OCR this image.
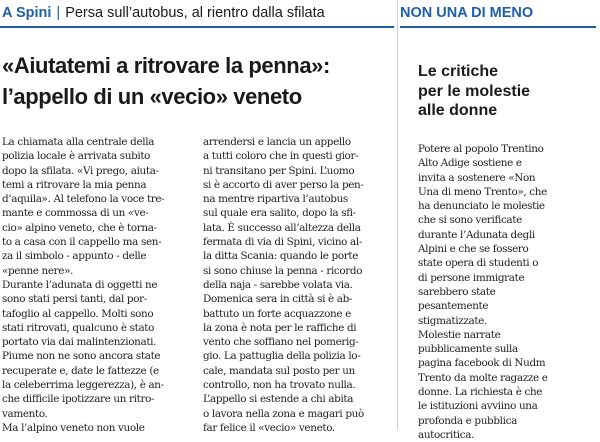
A Spini | Persa sull’autobus, al rientro dalla sfilata
«Aiutatemi a ritrovare la penna»:
l’appello di un «vecio» veneto

La chiamata alla centrale della
polizia locale è arrivata subito
dopo la sfilata. «Vi prego, aiuta-
temi a ritrovare la mia penna
d’aquila». Al telefono la voce tre-
mante e commossa di un «ve-
cio» alpino veneto, che è torna-
to a casa con il cappello ma sen-
za il simbolo - appunto - delle
«penne nere».
Durante l’adunata di oggetti ne
sono stati persi tanti, dal por-
tafoglio al cappello. Molti sono
stati ritrovati, qualcuno è stato
portato via dai malintenzionati.
Piume non ne sono ancora state
recuperate e, date le fattezze (e
la celeberrima leggerezza), è an-
che difficile ipotizzare un ritro-
vamento.
Ma l’alpino veneto non vuole

arrendersi e lancia un appello
a tutti coloro che in questi gior-
ni transitano per Spini. L’uomo
si è accorto di aver perso la pen-
na mentre ripartiva l’autobus
sul quale era salito, dopo la sfi-
lata. È successo all’altezza della
fermata di via di Spini, vicino al-
la ditta Scania: quando le porte
si sono chiuse la penna - ricordo
della naja - sarebbe volata via.
Domenica sera in città si è ab-
battuto un forte acquazzone e
la zona è nota per le raffiche di
vento che soffiano nel pomerig-
gio. La pattuglia della polizia lo-
cale, mandata sul posto per un
controllo, non ha trovato nulla.
L’appello si estende a chi abita
o lavora nella zona e magari può
far felice il «vecio» veneto.

NON UNA DI MENO
Le critiche
per le molestie
alle donne

Potere al popolo Trentino
Alto Adige sostiene e
invita a sostenere «Non
Una di meno Trento», che
ha denunciato le molestie
che si sono verificate
durante l’Adunata degli
Alpini e che se fossero
state opera di studenti o
di persone immigrate
sarebbero state
pesantemente
stigmatizzate.
Molestie narrate
pubblicamente sulla
pagina facebook di Nudm
Trento da molte ragazze e
donne. La richiesta è che
le istituzioni avviino una
profonda e pubblica
autocritica.
